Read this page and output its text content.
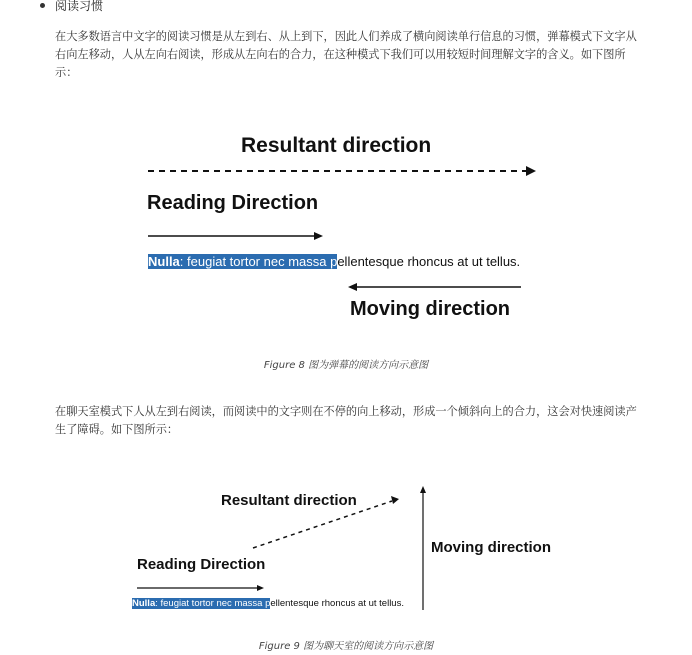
阅读习惯
在大多数语言中文字的阅读习惯是从左到右、从上到下，因此人们养成了横向阅读单行信息的习惯，弹幕模式下文字从右向左移动，人从左向右阅读，形成从左向右的合力，在这种模式下我们可以用较短时间理解文字的含义。如下图所示：
Resultant direction
Reading Direction
Nulla: feugiat tortor nec massa pellentesque rhoncus at ut tellus.
Moving direction
Figure 8 图为弹幕的阅读方向示意图
在聊天室模式下人从左到右阅读，而阅读中的文字则在不停的向上移动，形成一个倾斜向上的合力，这会对快速阅读产生了障碍。如下图所示：
Resultant direction
Reading Direction
Nulla: feugiat tortor nec massa pellentesque rhoncus at ut tellus.
Moving direction
Figure 9 图为聊天室的阅读方向示意图
